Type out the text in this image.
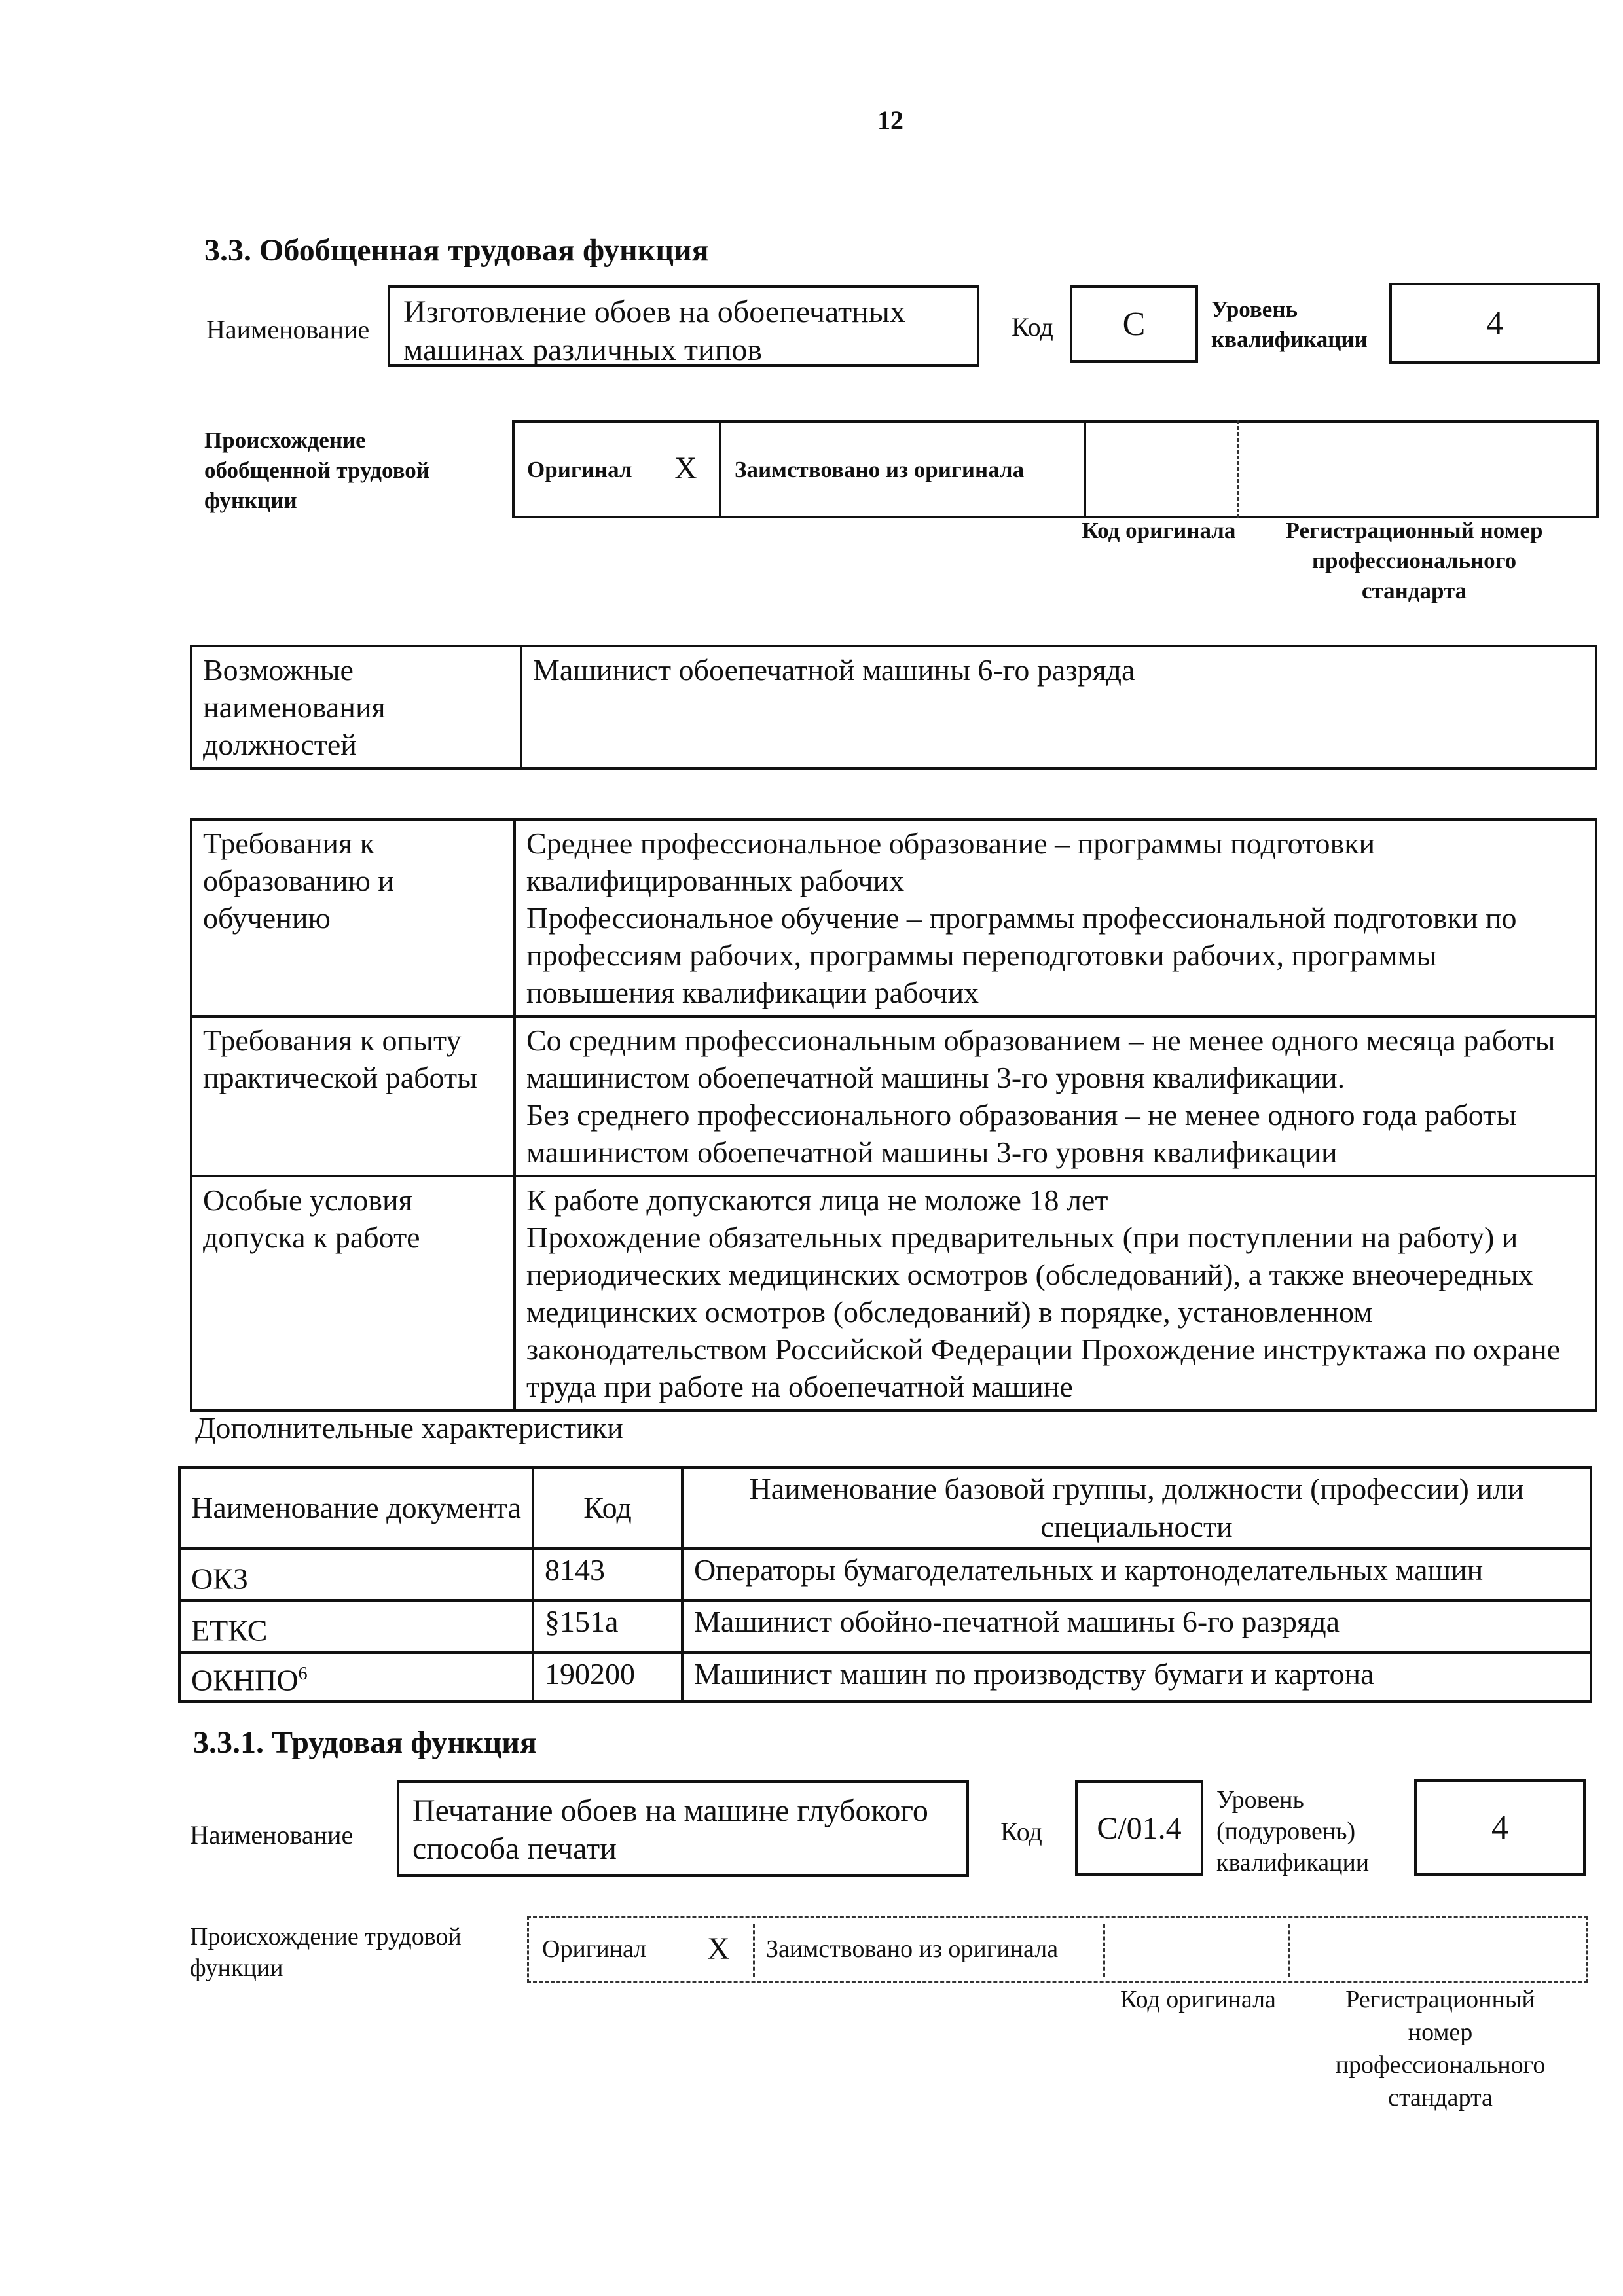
12
3.3. Обобщенная трудовая функция
Наименование
Изготовление обоев на обоепечатных машинах различных типов
Код	С	Уровень квалификации	4
Происхождение обобщенной трудовой функции
Оригинал X Заимствовано из оригинала
Код оригинала	Регистрационный номер профессионального стандарта
Возможные наименования должностей	Машинист обоепечатной машины 6-го разряда
Требования к образованию и обучению	Среднее профессиональное образование – программы подготовки квалифицированных рабочих
Профессиональное обучение – программы профессиональной подготовки по профессиям рабочих, программы переподготовки рабочих, программы повышения квалификации рабочих

Требования к опыту практической работы	Со средним профессиональным образованием – не менее одного месяца работы машинистом обоепечатной машины 3-го уровня квалификации.
Без среднего профессионального образования – не менее одного года работы машинистом обоепечатной машины 3-го уровня квалификации

Особые условия допуска к работе	К работе допускаются лица не моложе 18 лет
Прохождение обязательных предварительных (при поступлении на работу) и периодических медицинских осмотров (обследований), а также внеочередных медицинских осмотров (обследований) в порядке, установленном законодательством Российской Федерации Прохождение инструктажа по охране труда при работе на обоепечатной машине
Дополнительные характеристики
Наименование документа	Код	Наименование базовой группы, должности (профессии) или специальности
ОКЗ	8143	Операторы бумагоделательных и картоноделательных машин
ЕТКС	§151а	Машинист обойно-печатной машины 6-го разряда
ОКНПО$^6$	190200	Машинист машин по производству бумаги и картона
3.3.1. Трудовая функция
Наименование
Печатание обоев на машине глубокого способа печати	Код	С/01.4
Уровень (подуровень) квалификации
4
Происхождение трудовой функции
Оригинал X Заимствовано из оригинала
Код оригинала	Регистрационный номер профессионального стандарта
